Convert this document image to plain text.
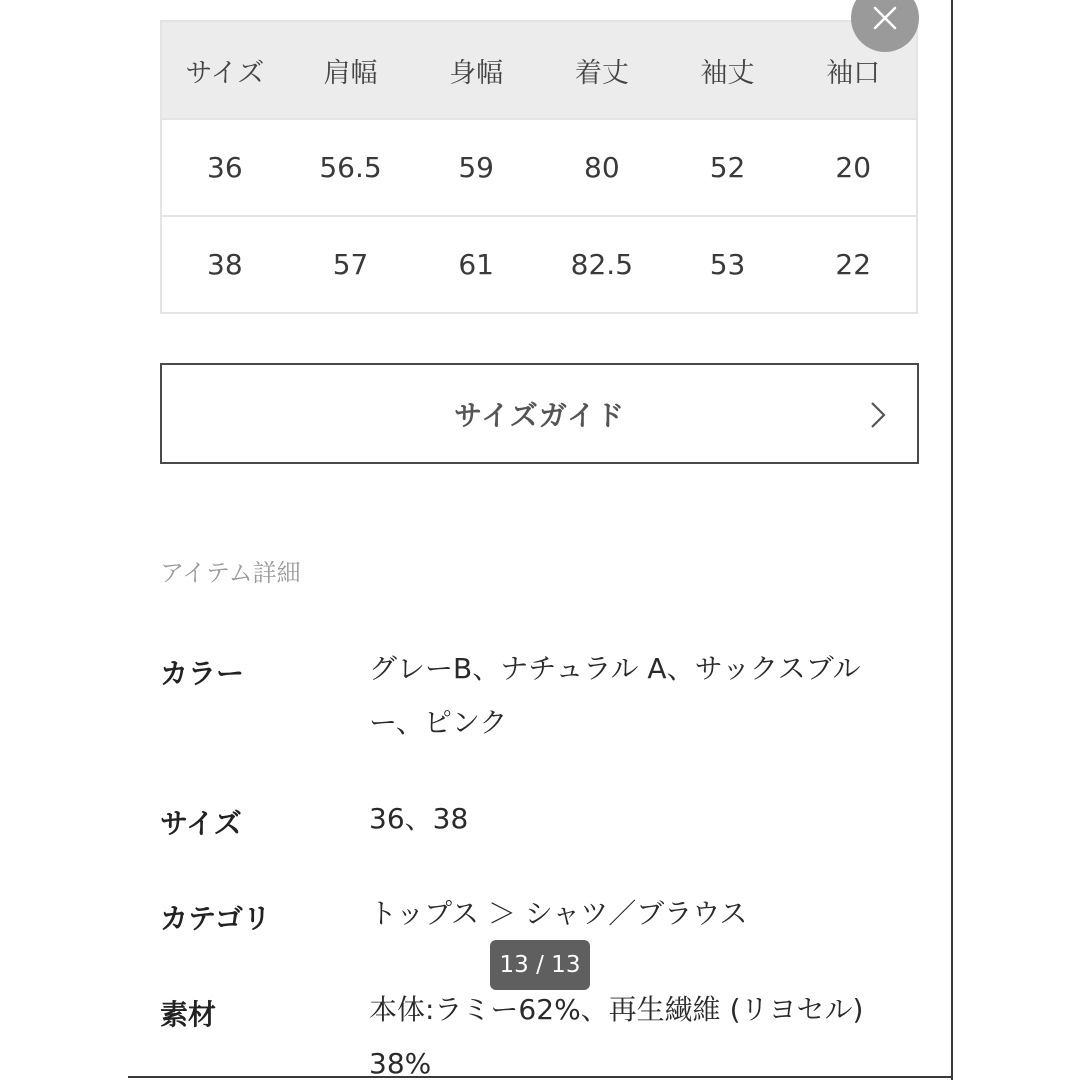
サイズ	肩幅	身幅	着丈	袖丈	袖口
36	56.5	59	80	52	20
38	57	61	82.5	53	22
サイズガイド
アイテム詳細
カラー	グレーB、ナチュラル A、サックスブル
ー、ピンク
サイズ	36、38
カテゴリ	トップス ＞ シャツ／ブラウス
素材	本体:ラミー62%、再生繊維 (リヨセル)
38%
13 / 13
